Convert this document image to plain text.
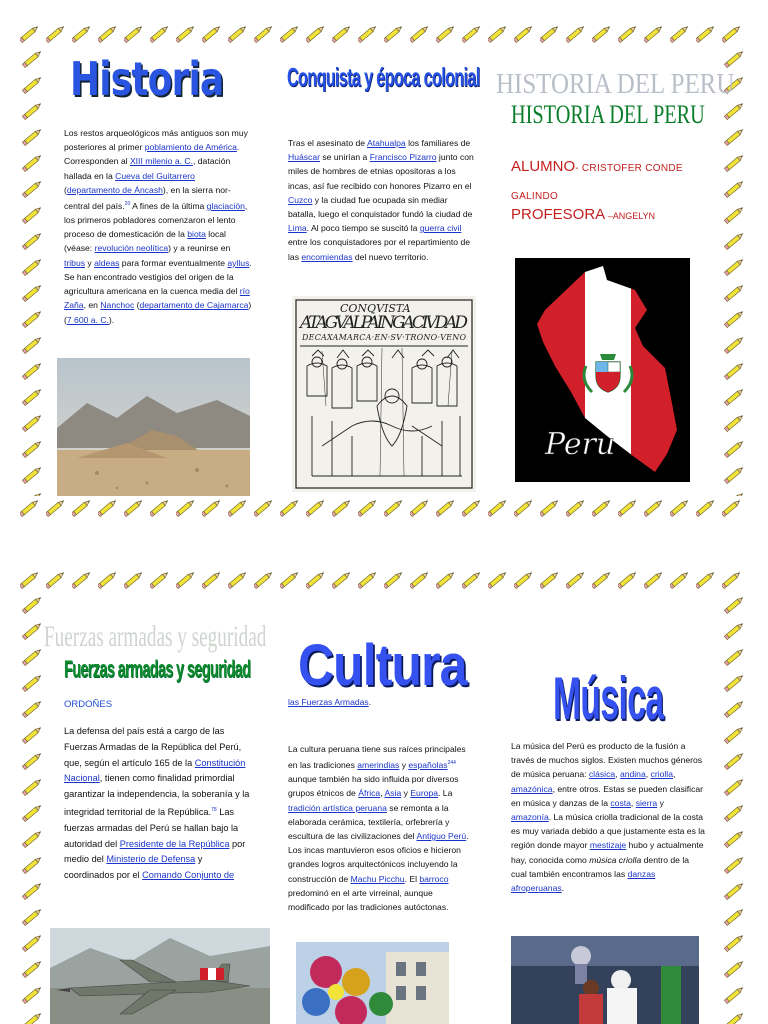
Historia
Los restos arqueológicos más antiguos son muy posteriores al primer poblamiento de América. Corresponden al XIII milenio a. C., datación hallada en la Cueva del Guitarrero (departamento de Áncash), en la sierra nor-central del país.$^{20}$ A fines de la última glaciación, los primeros pobladores comenzaron el lento proceso de domesticación de la biota local (véase: revolución neolítica) y a reunirse en tribus y aldeas para formar eventualmente ayllus. Se han encontrado vestigios del origen de la agricultura americana en la cuenca media del río Zaña, en Nanchoc (departamento de Cajamarca) (7 600 a. C.).
Conquista y época colonial
Tras el asesinato de Atahualpa los familiares de Huáscar se unirían a Francisco Pizarro junto con miles de hombres de etnias opositoras a los incas, así fue recibido con honores Pizarro en el Cuzco y la ciudad fue ocupada sin mediar batalla, luego el conquistador fundó la ciudad de Lima. Al poco tiempo se suscitó la guerra civil entre los conquistadores por el repartimiento de las encomiendas del nuevo territorio.
CONQVISTA
ATAGVALPAINGACIVDAD
DECAXAMARCA·EN·SV·TRONO·VENO
HISTORIA DEL PERU
HISTORIA DEL PERU
ALUMNO- CRISTOFER CONDE GALINDO
PROFESORA –ANGELYN
Peru
Fuerzas armadas y seguridad
Fuerzas armadas y seguridad
ORDOÑES
La defensa del país está a cargo de las Fuerzas Armadas de la República del Perú, que, según el artículo 165 de la Constitución Nacional, tienen como finalidad primordial garantizar la independencia, la soberanía y la integridad territorial de la República.$^{78}$ Las fuerzas armadas del Perú se hallan bajo la autoridad del Presidente de la República por medio del Ministerio de Defensa y coordinados por el Comando Conjunto de
Cultura
las Fuerzas Armadas.
La cultura peruana tiene sus raíces principales en las tradiciones amerindias y españolas$^{244}$ aunque también ha sido influida por diversos grupos étnicos de África, Asia y Europa. La tradición artística peruana se remonta a la elaborada cerámica, textilería, orfebrería y escultura de las civilizaciones del Antiguo Perú. Los incas mantuvieron esos oficios e hicieron grandes logros arquitectónicos incluyendo la construcción de Machu Picchu. El barroco predominó en el arte virreinal, aunque modificado por las tradiciones autóctonas.
Música
La música del Perú es producto de la fusión a través de muchos siglos. Existen muchos géneros de música peruana: clásica, andina, criolla, amazónica, entre otros. Estas se pueden clasificar en música y danzas de la costa, sierra y amazonía. La música criolla tradicional de la costa es muy variada debido a que justamente esta es la región donde mayor mestizaje hubo y actualmente hay, conocida como música criolla dentro de la cual también encontramos las danzas afroperuanas.
